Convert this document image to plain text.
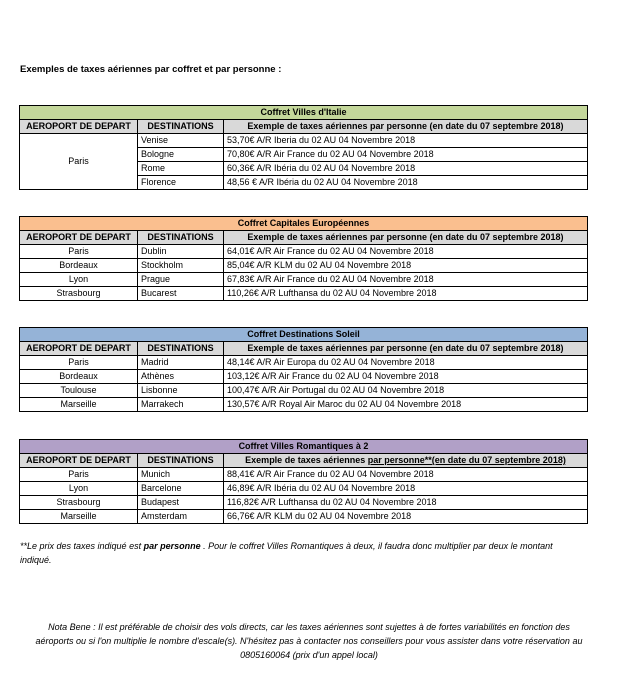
Exemples de taxes aériennes par coffret et par personne :
Coffret Villes d'Italie		
AEROPORT DE DEPART	DESTINATIONS	Exemple de taxes aériennes par personne (en date du 07 septembre 2018)
Paris	Venise	53,70€ A/R Iberia du 02 AU 04 Novembre 2018
	Bologne	70,80€ A/R Air France du 02 AU 04 Novembre 2018
	Rome	60,36€ A/R Ibéria du 02 AU 04 Novembre 2018
	Florence	48,56 € A/R Ibéria du 02 AU 04 Novembre 2018
Coffret Capitales Européennes		
AEROPORT DE DEPART	DESTINATIONS	Exemple de taxes aériennes par personne (en date du 07 septembre 2018)
Paris	Dublin	64,01€ A/R Air France du 02 AU 04 Novembre 2018
Bordeaux	Stockholm	85,04€ A/R KLM du 02 AU 04 Novembre 2018
Lyon	Prague	67,83€ A/R Air France du 02 AU 04 Novembre 2018
Strasbourg	Bucarest	110,26€ A/R Lufthansa du 02 AU 04 Novembre 2018
Coffret Destinations Soleil		
AEROPORT DE DEPART	DESTINATIONS	Exemple de taxes aériennes par personne (en date du 07 septembre 2018)
Paris	Madrid	48,14€ A/R Air Europa du 02 AU 04 Novembre 2018
Bordeaux	Athènes	103,12€ A/R Air France du 02 AU 04 Novembre 2018
Toulouse	Lisbonne	100,47€ A/R Air Portugal du 02 AU 04 Novembre 2018
Marseille	Marrakech	130,57€ A/R Royal Air Maroc du 02 AU 04 Novembre 2018
Coffret Villes Romantiques à 2		
AEROPORT DE DEPART	DESTINATIONS	Exemple de taxes aériennes par personne**(en date du 07 septembre 2018)
Paris	Munich	88,41€ A/R Air France du 02 AU 04 Novembre 2018
Lyon	Barcelone	46,89€ A/R Ibéria du 02 AU 04 Novembre 2018
Strasbourg	Budapest	116,82€ A/R Lufthansa du 02 AU 04 Novembre 2018
Marseille	Amsterdam	66,76€ A/R KLM du 02 AU 04 Novembre 2018
**Le prix des taxes indiqué est par personne . Pour le coffret Villes Romantiques à deux, il faudra donc multiplier par deux le montant indiqué.
Nota Bene : Il est préférable de choisir des vols directs, car les taxes aériennes sont sujettes à de fortes variabilités en fonction des aéroports ou si l'on multiplie le nombre d'escale(s). N'hésitez pas à contacter nos conseillers pour vous assister dans votre réservation au 0805160064 (prix d'un appel local)
